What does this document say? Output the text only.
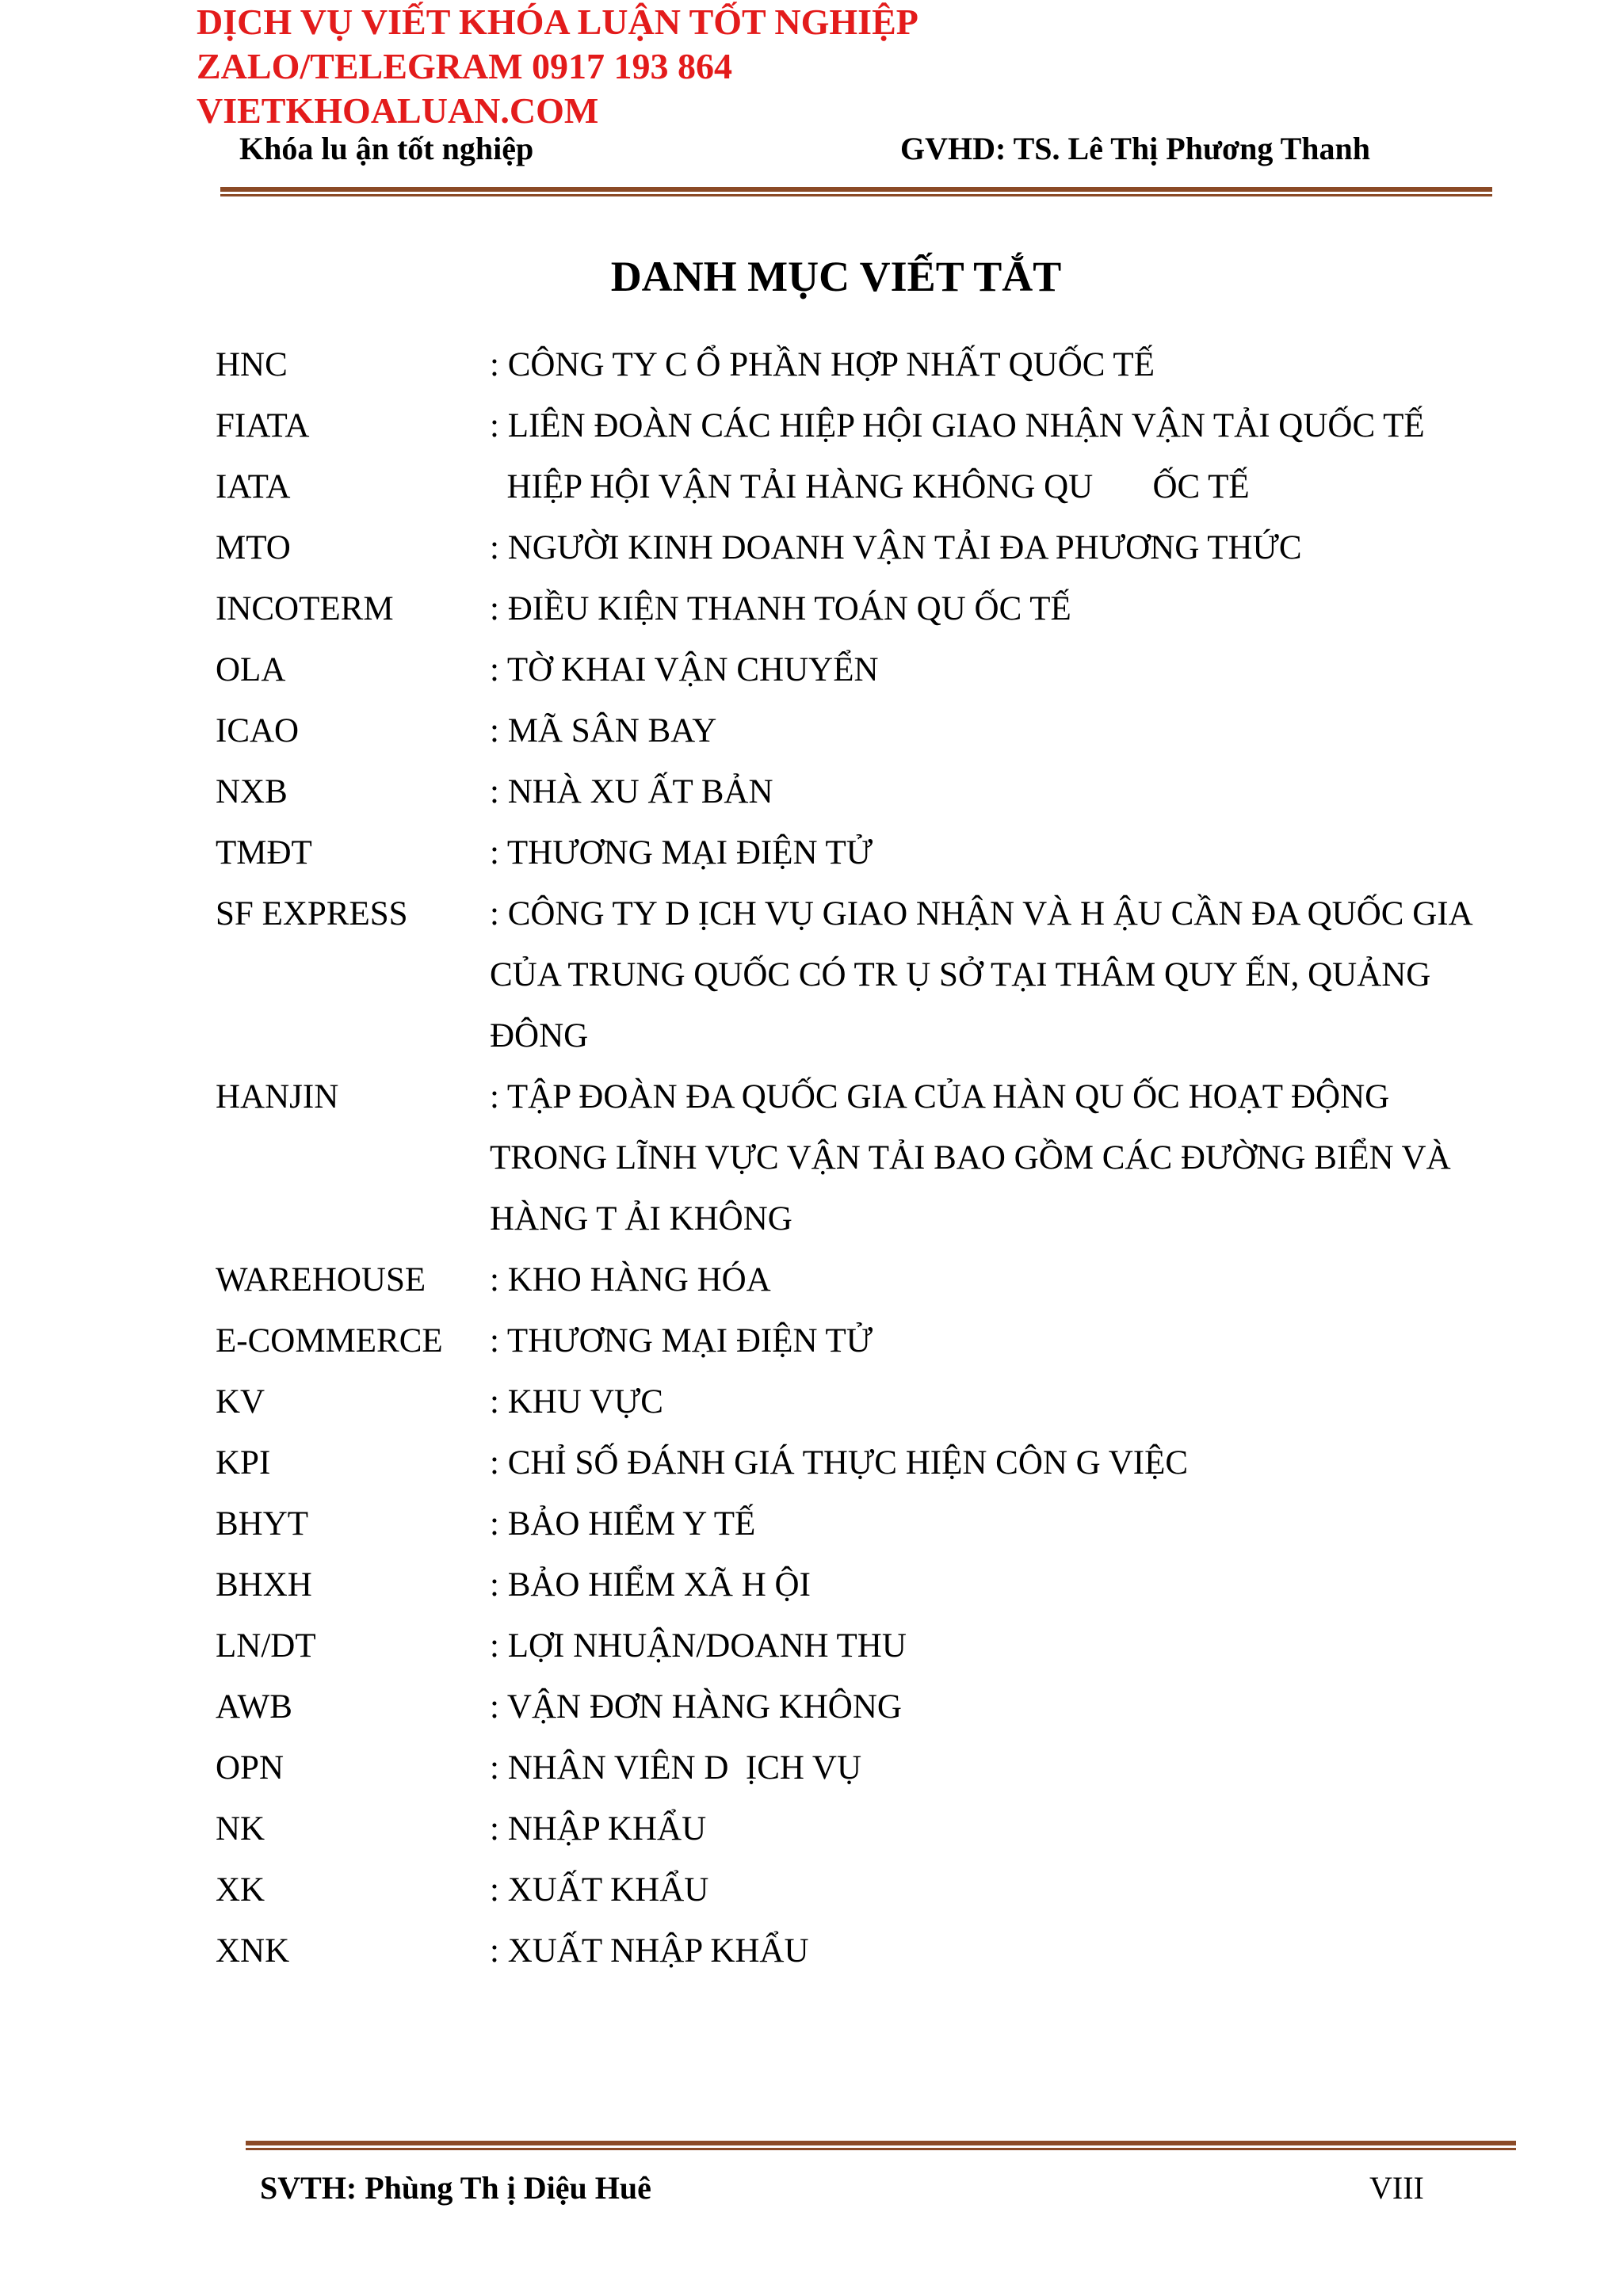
DỊCH VỤ VIẾT KHÓA LUẬN TỐT NGHIỆP
ZALO/TELEGRAM 0917 193 864
VIETKHOALUAN.COM
Khóa lu ận tốt nghiệp	GVHD: TS. Lê Thị Phương Thanh
DANH MỤC VIẾT TẮT
HNC	: CÔNG TY C Ổ PHẦN HỢP NHẤT QUỐC TẾ
FIATA	: LIÊN ĐOÀN CÁC HIỆP HỘI GIAO NHẬN VẬN TẢI QUỐC TẾ
IATA	HIỆP HỘI VẬN TẢI HÀNG KHÔNG QU       ỐC TẾ
MTO	: NGƯỜI KINH DOANH VẬN TẢI ĐA PHƯƠNG THỨC
INCOTERM	: ĐIỀU KIỆN THANH TOÁN QU ỐC TẾ
OLA	: TỜ KHAI VẬN CHUYỂN
ICAO	: MÃ SÂN BAY
NXB	: NHÀ XU ẤT BẢN
TMĐT	: THƯƠNG MẠI ĐIỆN TỬ
SF EXPRESS	: CÔNG TY D ỊCH VỤ GIAO NHẬN VÀ H ẬU CẦN ĐA QUỐC GIA CỦA TRUNG QUỐC CÓ TR Ụ SỞ TẠI THÂM QUY ẾN, QUẢNG ĐÔNG
HANJIN	: TẬP ĐOÀN ĐA QUỐC GIA CỦA HÀN QU ỐC HOẠT ĐỘNG TRONG LĨNH VỰC VẬN TẢI BAO GỒM CÁC ĐƯỜNG BIỂN VÀ HÀNG T ẢI KHÔNG
WAREHOUSE	: KHO HÀNG HÓA
E-COMMERCE	: THƯƠNG MẠI ĐIỆN TỬ
KV	: KHU VỰC
KPI	: CHỈ SỐ ĐÁNH GIÁ THỰC HIỆN CÔN G VIỆC
BHYT	: BẢO HIỂM Y TẾ
BHXH	: BẢO HIỂM XÃ H ỘI
LN/DT	: LỢI NHUẬN/DOANH THU
AWB	: VẬN ĐƠN HÀNG KHÔNG
OPN	: NHÂN VIÊN D  ỊCH VỤ
NK	: NHẬP KHẨU
XK	: XUẤT KHẨU
XNK	: XUẤT NHẬP KHẨU
SVTH: Phùng Th ị Diệu Huê	VIII
